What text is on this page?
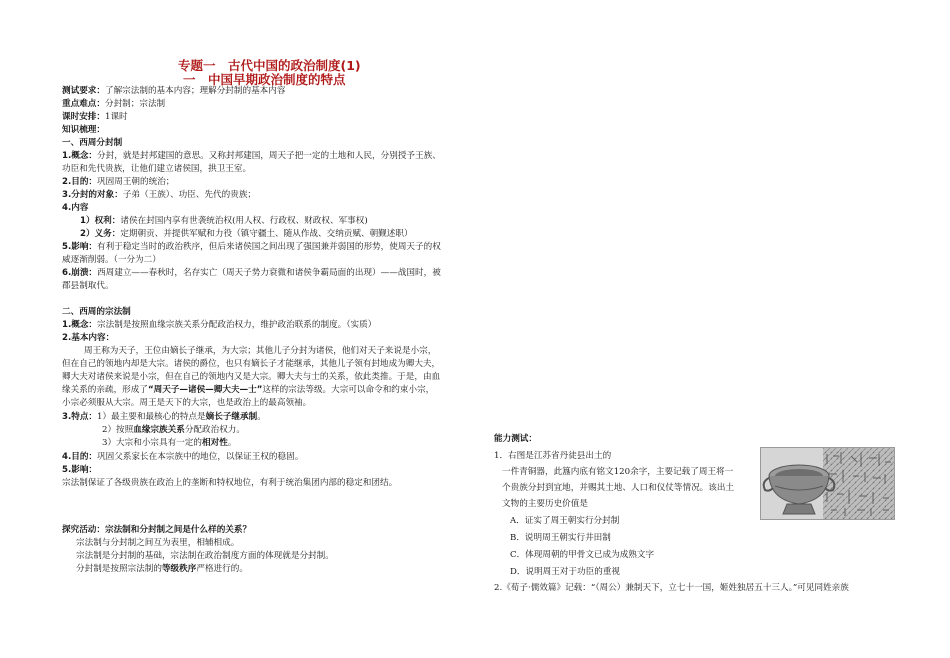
专题一　古代中国的政治制度(1)
一　中国早期政治制度的特点
测试要求：了解宗法制的基本内容；理解分封制的基本内容
重点难点：分封制；宗法制
课时安排：1课时
知识梳理：
一、西周分封制
1.概念：分封，就是封邦建国的意思。又称封邦建国，周天子把一定的土地和人民，分别授予王族、
功臣和先代贵族，让他们建立诸侯国，拱卫王室。
2.目的：巩固周王朝的统治；
3.分封的对象：子弟（王族）、功臣、先代的贵族；
4.内容
1）权利：诸侯在封国内享有世袭统治权(用人权、行政权、财政权、军事权)
2）义务：定期朝贡、并提供军赋和力役（镇守疆土、随从作战、交纳贡赋、朝觐述职）
5.影响：有利于稳定当时的政治秩序，但后来诸侯国之间出现了强国兼并弱国的形势，使周天子的权
威逐渐削弱。（一分为二）
6.崩溃：西周建立——春秋时，名存实亡（周天子势力衰微和诸侯争霸局面的出现）——战国时，被
郡县制取代。
二、西周的宗法制
1.概念：宗法制是按照血缘宗族关系分配政治权力，维护政治联系的制度。（实质）
2.基本内容：
周王称为天子，王位由嫡长子继承，为大宗；其他儿子分封为诸侯，他们对天子来说是小宗，
但在自己的领地内却是大宗。诸侯的爵位，也只有嫡长子才能继承，其他儿子领有封地成为卿大夫，
卿大夫对诸侯来说是小宗，但在自己的领地内又是大宗。卿大夫与士的关系，依此类推。于是，由血
缘关系的亲疏，形成了“周天子—诸侯—卿大夫—士”这样的宗法等级。大宗可以命令和约束小宗，
小宗必须服从大宗。周王是天下的大宗，也是政治上的最高领袖。
3.特点：1）最主要和最核心的特点是嫡长子继承制。
2）按照血缘宗族关系分配政治权力。
3）大宗和小宗具有一定的相对性。
4.目的：巩固父系家长在本宗族中的地位，以保证王权的稳固。
5.影响：
宗法制保证了各级贵族在政治上的垄断和特权地位，有利于统治集团内部的稳定和团结。
探究活动：宗法制和分封制之间是什么样的关系？
宗法制与分封制之间互为表里，相辅相成。
宗法制是分封制的基础，宗法制在政治制度方面的体现就是分封制。
分封制是按照宗法制的等级秩序严格进行的。
能力测试：
1．右图是江苏省丹徒县出土的
一件青铜器，此簋内底有铭文120余字，主要记载了周王将一
个贵族分封到宜地，并赐其土地、人口和仪仗等情况。该出土
文物的主要历史价值是
A．证实了周王朝实行分封制
B．说明周王朝实行井田制
C．体现周朝的甲骨文已成为成熟文字
D．说明周王对于功臣的重视
2.《荀子·儒效篇》记载：“（周公）兼制天下，立七十一国，姬姓独居五十三人。”可见同姓亲族
